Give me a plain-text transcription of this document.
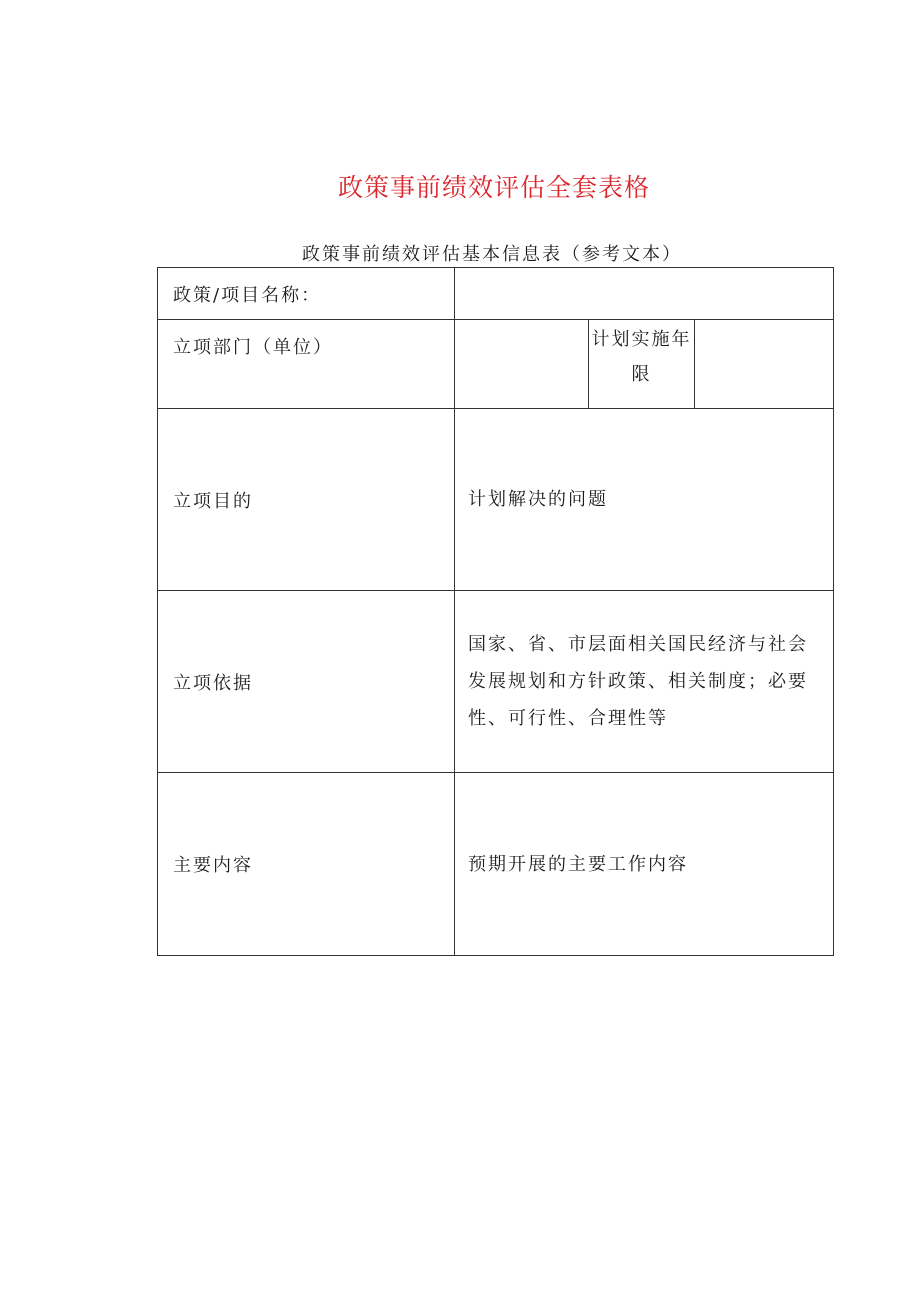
政策事前绩效评估全套表格
政策事前绩效评估基本信息表（参考文本）
政策/项目名称：			
立项部门（单位）		计划实施年限	
立项目的	计划解决的问题		
立项依据	国家、省、市层面相关国民经济与社会发展规划和方针政策、相关制度；必要性、可行性、合理性等		
主要内容	预期开展的主要工作内容		
